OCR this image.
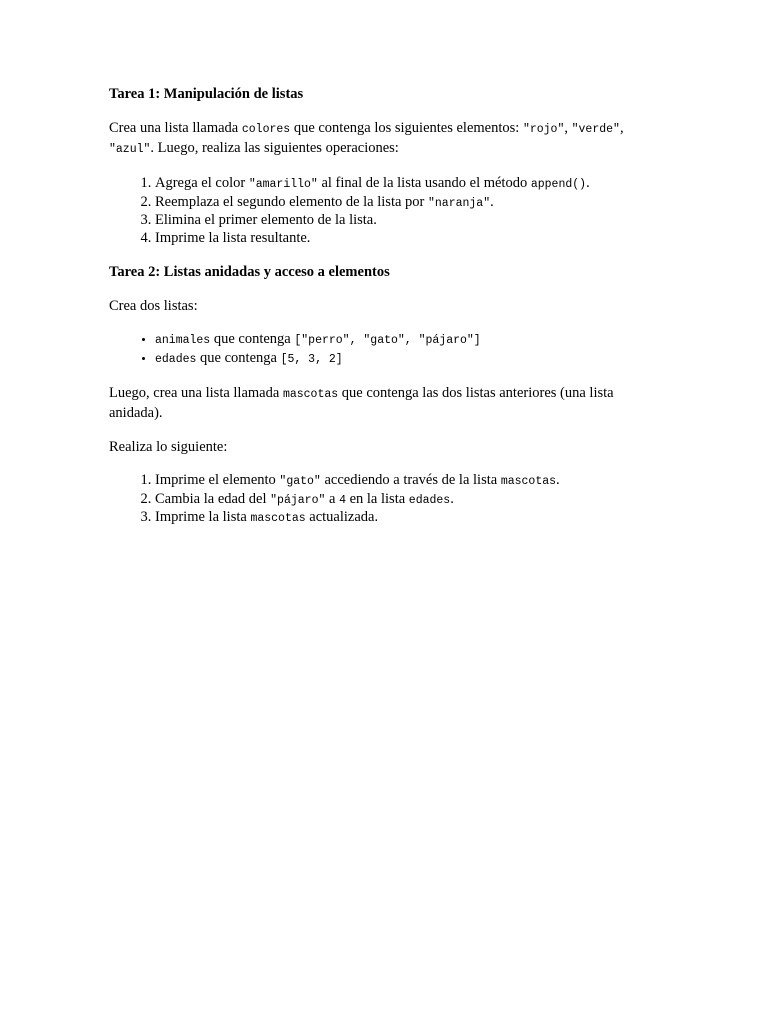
Tarea 1: Manipulación de listas

Crea una lista llamada colores que contenga los siguientes elementos: "rojo", "verde", "azul". Luego, realiza las siguientes operaciones:

1. Agrega el color "amarillo" al final de la lista usando el método append().
2. Reemplaza el segundo elemento de la lista por "naranja".
3. Elimina el primer elemento de la lista.
4. Imprime la lista resultante.
Tarea 2: Listas anidadas y acceso a elementos

Crea dos listas:

• animales que contenga ["perro", "gato", "pájaro"]
• edades que contenga [5, 3, 2]

Luego, crea una lista llamada mascotas que contenga las dos listas anteriores (una lista anidada).

Realiza lo siguiente:

1. Imprime el elemento "gato" accediendo a través de la lista mascotas.
2. Cambia la edad del "pájaro" a 4 en la lista edades.
3. Imprime la lista mascotas actualizada.
